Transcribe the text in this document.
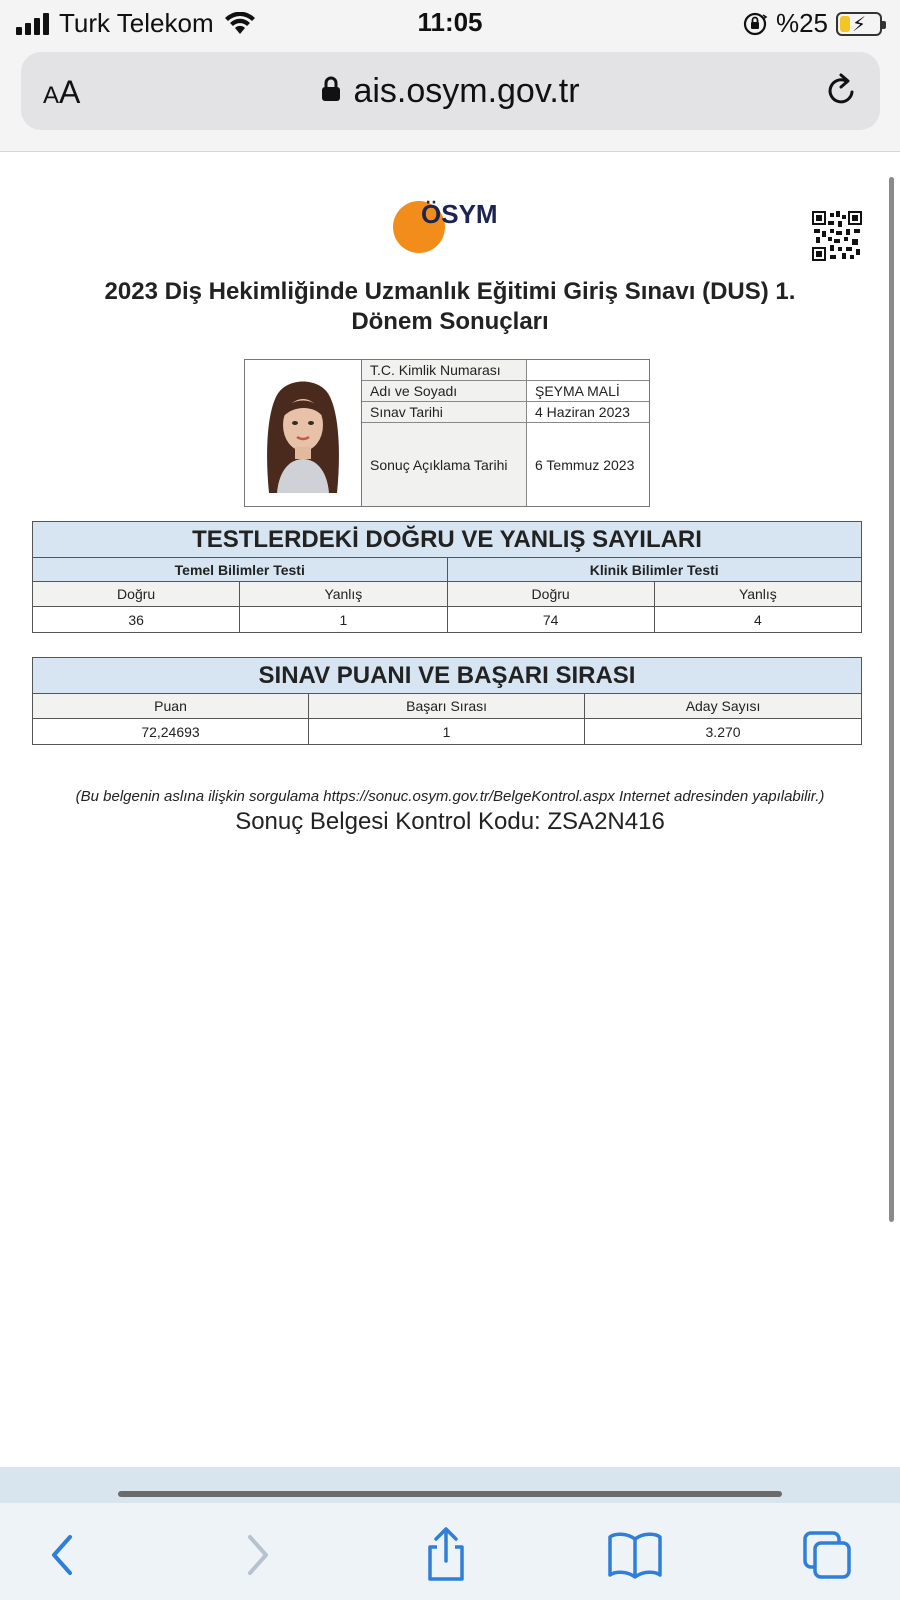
Turk Telekom	11:05	%25 ⚡
AA	ais.osym.gov.tr
ÖSYM
2023 Diş Hekimliğinde Uzmanlık Eğitimi Giriş Sınavı (DUS) 1.
Dönem Sonuçları
T.C. Kimlik Numarası
Adı ve Soyadı	ŞEYMA MALİ
Sınav Tarihi	4 Haziran 2023
Sonuç Açıklama Tarihi	6 Temmuz 2023
TESTLERDEKİ DOĞRU VE YANLIŞ SAYILARI			
Temel Bilimler Testi		Klinik Bilimler Testi	
Doğru	Yanlış	Doğru	Yanlış
36	1	74	4
SINAV PUANI VE BAŞARI SIRASI		
Puan	Başarı Sırası	Aday Sayısı
72,24693	1	3.270
(Bu belgenin aslına ilişkin sorgulama https://sonuc.osym.gov.tr/BelgeKontrol.aspx Internet adresinden yapılabilir.)
Sonuç Belgesi Kontrol Kodu: ZSA2N416
